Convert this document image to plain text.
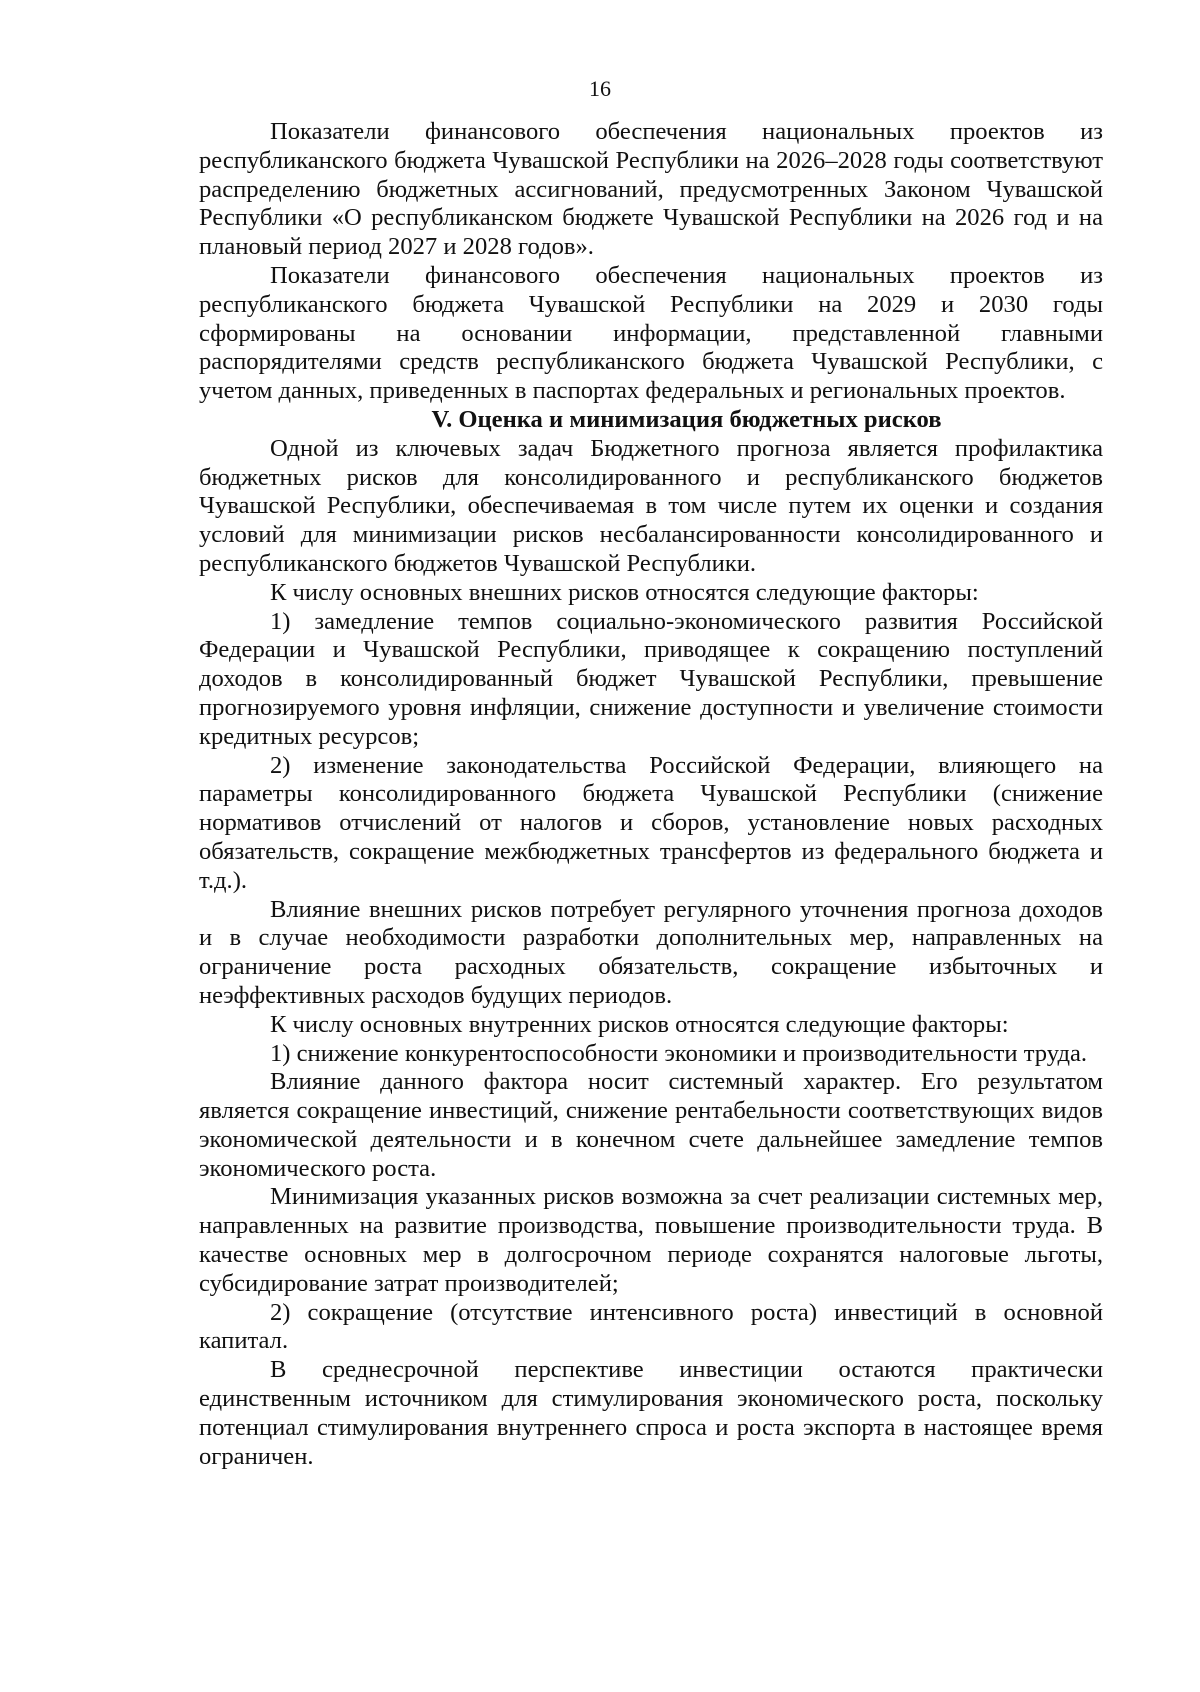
16

Показатели финансового обеспечения национальных проектов из республиканского бюджета Чувашской Республики на 2026–2028 годы соответствуют распределению бюджетных ассигнований, предусмотренных Законом Чувашской Республики «О республиканском бюджете Чувашской Республики на 2026 год и на плановый период 2027 и 2028 годов».

Показатели финансового обеспечения национальных проектов из республиканского бюджета Чувашской Республики на 2029 и 2030 годы сформированы на основании информации, представленной главными распорядителями средств республиканского бюджета Чувашской Республики, с учетом данных, приведенных в паспортах федеральных и региональных проектов.

V. Оценка и минимизация бюджетных рисков

Одной из ключевых задач Бюджетного прогноза является профилактика бюджетных рисков для консолидированного и республиканского бюджетов Чувашской Республики, обеспечиваемая в том числе путем их оценки и создания условий для минимизации рисков несбалансированности консолидированного и республиканского бюджетов Чувашской Республики.

К числу основных внешних рисков относятся следующие факторы:

1) замедление темпов социально-экономического развития Российской Федерации и Чувашской Республики, приводящее к сокращению поступлений доходов в консолидированный бюджет Чувашской Республики, превышение прогнозируемого уровня инфляции, снижение доступности и увеличение стоимости кредитных ресурсов;

2) изменение законодательства Российской Федерации, влияющего на параметры консолидированного бюджета Чувашской Республики (снижение нормативов отчислений от налогов и сборов, установление новых расходных обязательств, сокращение межбюджетных трансфертов из федерального бюджета и т.д.).

Влияние внешних рисков потребует регулярного уточнения прогноза доходов и в случае необходимости разработки дополнительных мер, направленных на ограничение роста расходных обязательств, сокращение избыточных и неэффективных расходов будущих периодов.

К числу основных внутренних рисков относятся следующие факторы:

1) снижение конкурентоспособности экономики и производительности труда.

Влияние данного фактора носит системный характер. Его результатом является сокращение инвестиций, снижение рентабельности соответствующих видов экономической деятельности и в конечном счете дальнейшее замедление темпов экономического роста.

Минимизация указанных рисков возможна за счет реализации системных мер, направленных на развитие производства, повышение производительности труда. В качестве основных мер в долгосрочном периоде сохранятся налоговые льготы, субсидирование затрат производителей;

2) сокращение (отсутствие интенсивного роста) инвестиций в основной капитал.

В среднесрочной перспективе инвестиции остаются практически единственным источником для стимулирования экономического роста, поскольку потенциал стимулирования внутреннего спроса и роста экспорта в настоящее время ограничен.
